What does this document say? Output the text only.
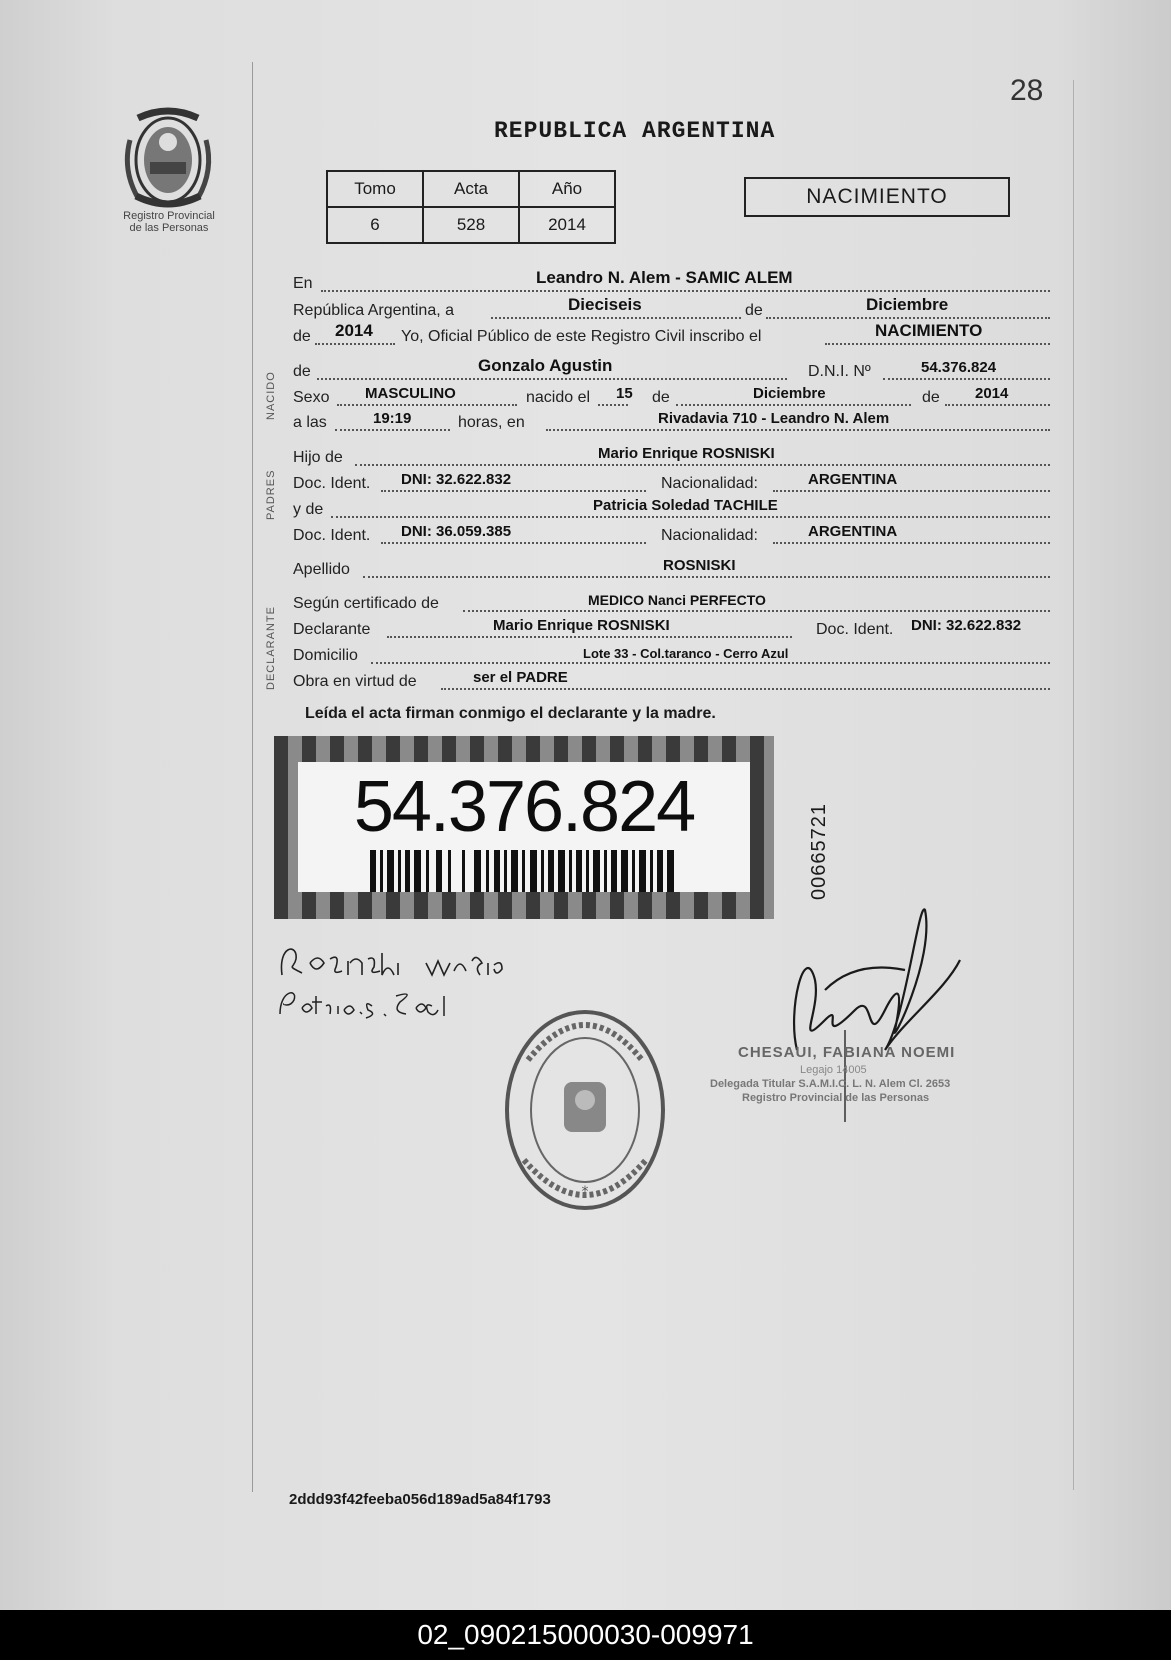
28
Registro Provincial
de las Personas
REPUBLICA ARGENTINA
Tomo	Acta	Año
6	528	2014
NACIMIENTO
NACIDO
PADRES
DECLARANTE
En	Leandro N. Alem - SAMIC ALEM
República Argentina, a	Dieciseis	de	Diciembre
de 2014 Yo, Oficial Público de este Registro Civil inscribo el	NACIMIENTO
de	Gonzalo Agustin	D.N.I. Nº	54.376.824
Sexo MASCULINO	nacido el 15 de	Diciembre	de 2014
a las	19:19	horas, en	Rivadavia 710 - Leandro N. Alem
Hijo de	Mario Enrique ROSNISKI
Doc. Ident. DNI: 32.622.832	Nacionalidad:	ARGENTINA
y de	Patricia Soledad TACHILE
Doc. Ident. DNI: 36.059.385	Nacionalidad:	ARGENTINA
Apellido	ROSNISKI
Según certificado de	MEDICO Nanci PERFECTO
Declarante	Mario Enrique ROSNISKI	Doc. Ident. DNI: 32.622.832
Domicilio	Lote 33 - Col.taranco - Cerro Azul
Obra en virtud de	ser el PADRE
Leída el acta firman conmigo el declarante y la madre.
54.376.824	00665721
*
CHESAUI, FABIANA NOEMI
Legajo 14005
Delegada Titular S.A.M.I.C. L. N. Alem Cl. 2653
Registro Provincial de las Personas
2ddd93f42feeba056d189ad5a84f1793
02_090215000030-009971
